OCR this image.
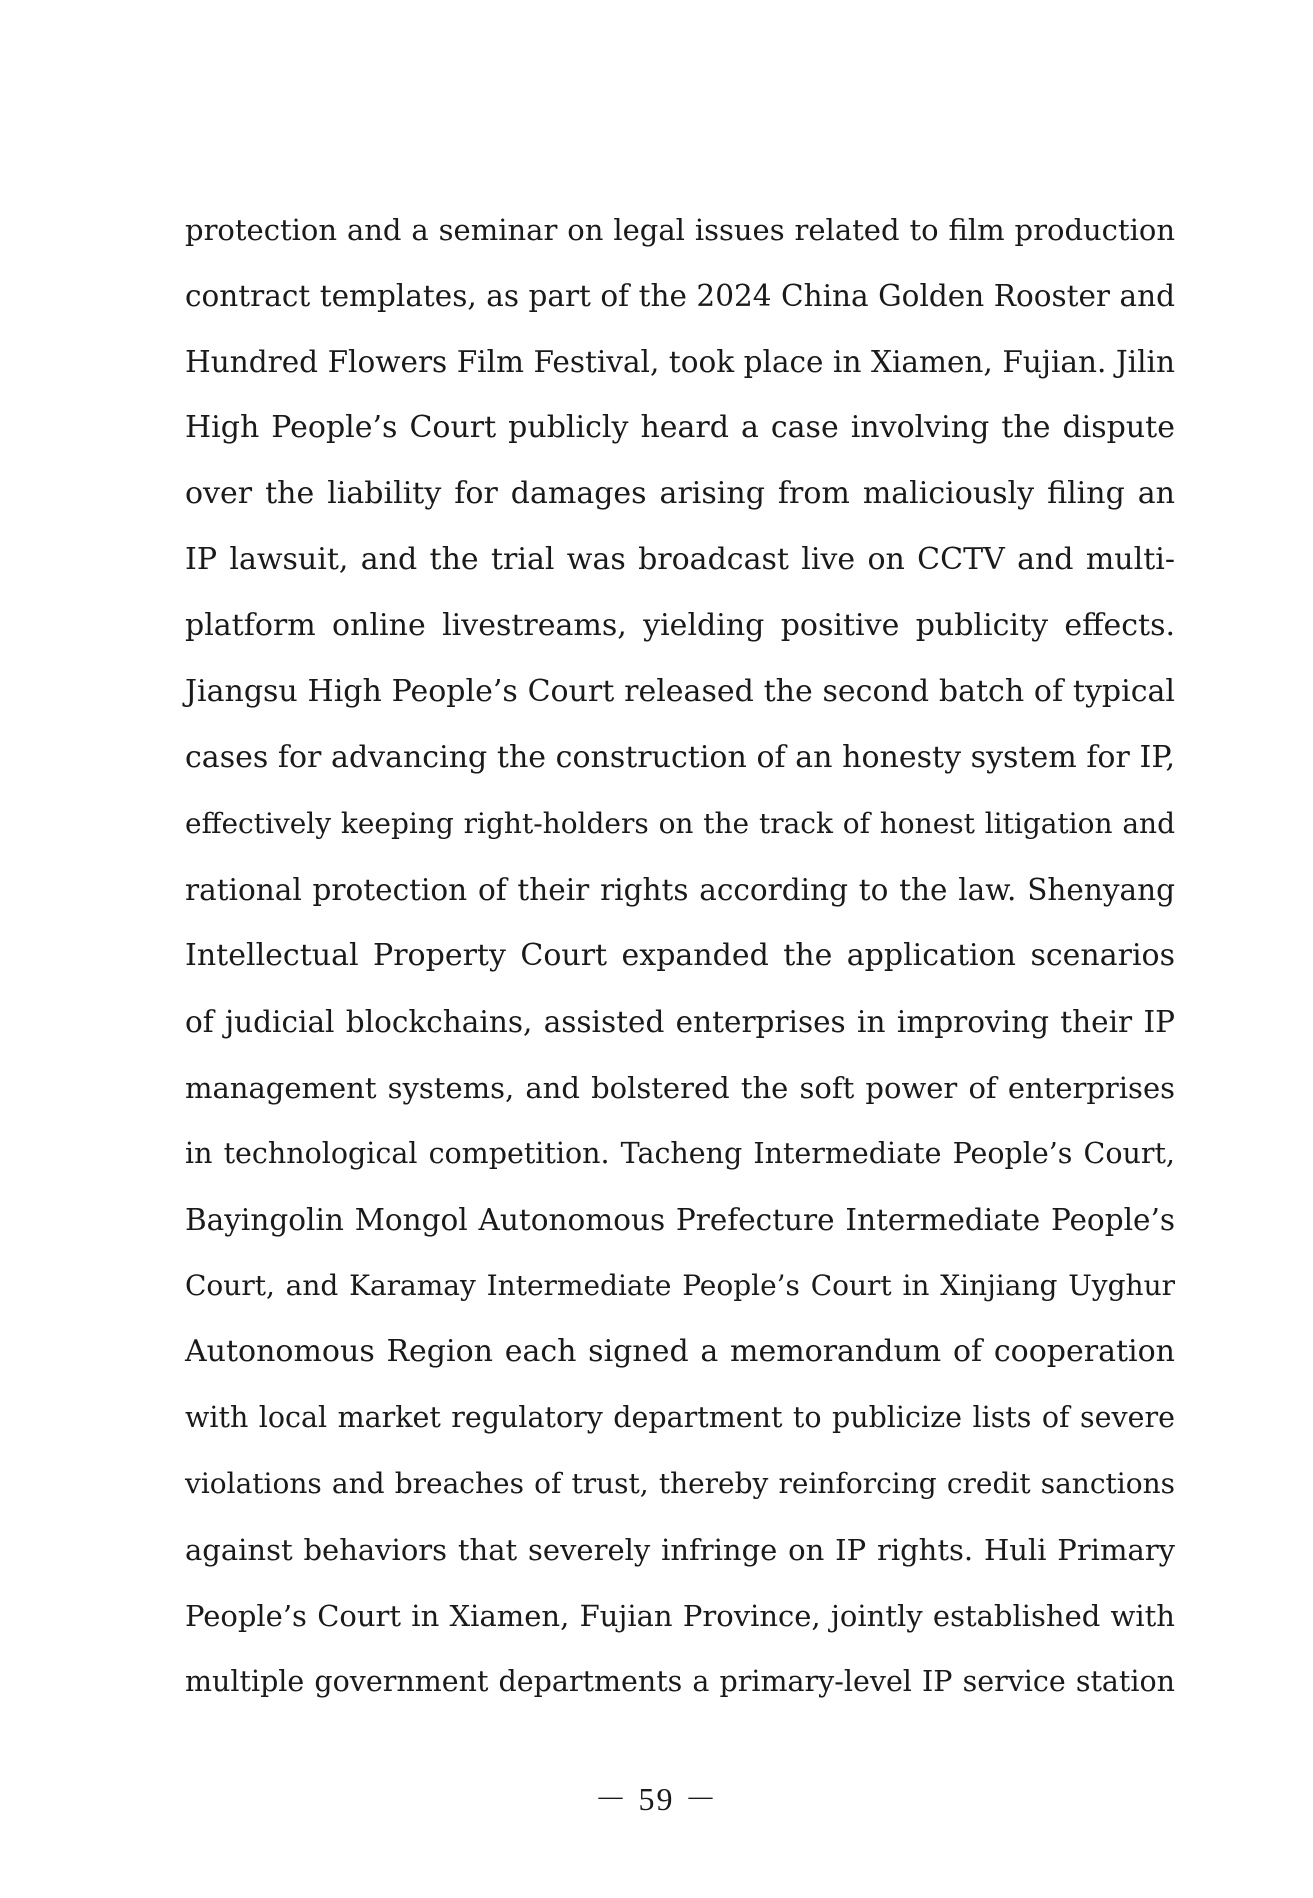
protection and a seminar on legal issues related to film production
contract templates, as part of the 2024 China Golden Rooster and
Hundred Flowers Film Festival, took place in Xiamen, Fujian. Jilin
High People’s Court publicly heard a case involving the dispute
over the liability for damages arising from maliciously filing an
IP lawsuit, and the trial was broadcast live on CCTV and multi-
platform online livestreams, yielding positive publicity effects.
Jiangsu High People’s Court released the second batch of typical
cases for advancing the construction of an honesty system for IP,
effectively keeping right-holders on the track of honest litigation and
rational protection of their rights according to the law. Shenyang
Intellectual Property Court expanded the application scenarios
of judicial blockchains, assisted enterprises in improving their IP
management systems, and bolstered the soft power of enterprises
in technological competition. Tacheng Intermediate People’s Court,
Bayingolin Mongol Autonomous Prefecture Intermediate People’s
Court, and Karamay Intermediate People’s Court in Xinjiang Uyghur
Autonomous Region each signed a memorandum of cooperation
with local market regulatory department to publicize lists of severe
violations and breaches of trust, thereby reinforcing credit sanctions
against behaviors that severely infringe on IP rights. Huli Primary
People’s Court in Xiamen, Fujian Province, jointly established with
multiple government departments a primary-level IP service station
－ 59 －
